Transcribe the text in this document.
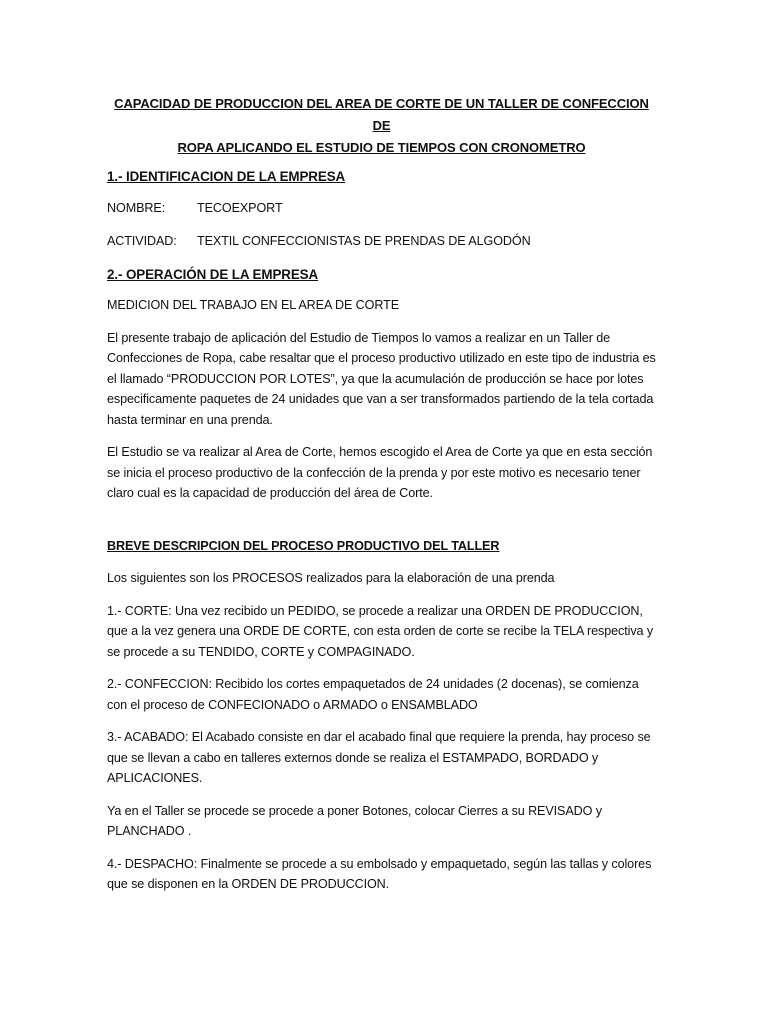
CAPACIDAD DE PRODUCCION DEL AREA DE CORTE DE UN TALLER DE CONFECCION DE
ROPA APLICANDO EL ESTUDIO DE TIEMPOS CON CRONOMETRO
1.- IDENTIFICACION DE LA EMPRESA
NOMBRE:	TECOEXPORT
ACTIVIDAD:	TEXTIL CONFECCIONISTAS DE PRENDAS DE ALGODÓN
2.- OPERACIÓN DE LA EMPRESA

MEDICION DEL TRABAJO EN EL AREA DE CORTE

El presente trabajo de aplicación del Estudio de Tiempos lo vamos a realizar en un Taller de Confecciones de Ropa, cabe resaltar que el proceso productivo utilizado en este tipo de industria es el llamado “PRODUCCION POR LOTES”, ya que la acumulación de producción se hace por lotes especificamente paquetes de 24 unidades que van a ser transformados partiendo de la tela cortada hasta terminar en una prenda.

El Estudio se va realizar al Area de Corte, hemos escogido el Area de Corte ya que en esta sección se inicia el proceso productivo de la confección de la prenda y por este motivo es necesario tener claro cual es la capacidad de producción del área de Corte.

BREVE DESCRIPCION DEL PROCESO PRODUCTIVO DEL TALLER

Los siguientes son los PROCESOS realizados para la elaboración de una prenda

1.- CORTE: Una vez recibido un PEDIDO, se procede a realizar una ORDEN DE PRODUCCION, que a la vez genera una ORDE DE CORTE, con esta orden de corte se recibe la TELA respectiva y se procede a su TENDIDO, CORTE y COMPAGINADO.

2.- CONFECCION: Recibido los cortes empaquetados de 24 unidades (2 docenas), se comienza con el proceso de CONFECIONADO o ARMADO o ENSAMBLADO

3.- ACABADO: El Acabado consiste en dar el acabado final que requiere la prenda, hay proceso se que se llevan a cabo en talleres externos donde se realiza el ESTAMPADO, BORDADO y APLICACIONES.

Ya en el Taller se procede se procede a poner Botones, colocar Cierres a su REVISADO y PLANCHADO .

4.- DESPACHO: Finalmente se procede a su embolsado y empaquetado, según las tallas y colores que se disponen en la ORDEN DE PRODUCCION.
